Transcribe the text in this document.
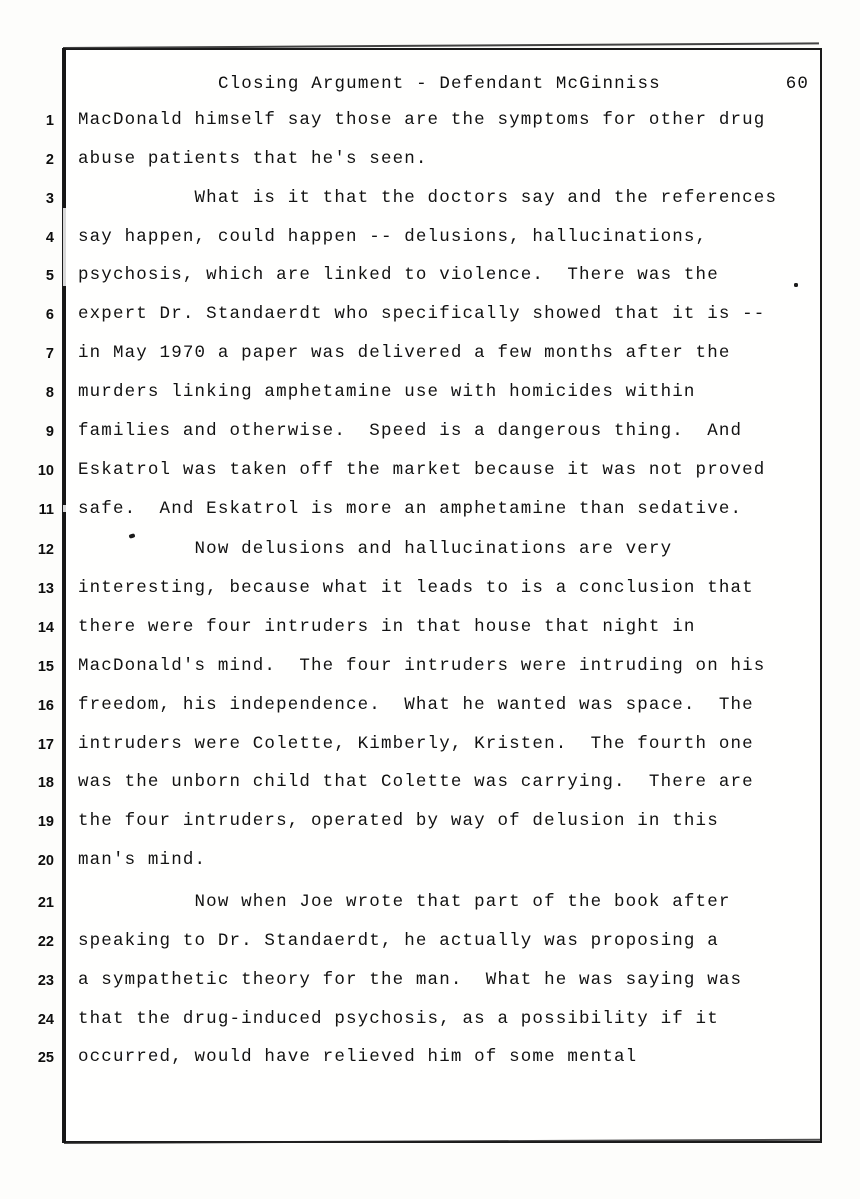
Closing Argument - Defendant McGinniss	60
1 MacDonald himself say those are the symptoms for other drug
2 abuse patients that he's seen.
3 What is it that the doctors say and the references
4 say happen, could happen -- delusions, hallucinations,
5 psychosis, which are linked to violence.  There was the
6 expert Dr. Standaerdt who specifically showed that it is --
7 in May 1970 a paper was delivered a few months after the
8 murders linking amphetamine use with homicides within
9 families and otherwise.  Speed is a dangerous thing.  And
10 Eskatrol was taken off the market because it was not proved
11 safe.  And Eskatrol is more an amphetamine than sedative.
12 Now delusions and hallucinations are very
13 interesting, because what it leads to is a conclusion that
14 there were four intruders in that house that night in
15 MacDonald's mind.  The four intruders were intruding on his
16 freedom, his independence.  What he wanted was space.  The
17 intruders were Colette, Kimberly, Kristen.  The fourth one
18 was the unborn child that Colette was carrying.  There are
19 the four intruders, operated by way of delusion in this
20 man's mind.
21 Now when Joe wrote that part of the book after
22 speaking to Dr. Standaerdt, he actually was proposing a
23 a sympathetic theory for the man.  What he was saying was
24 that the drug-induced psychosis, as a possibility if it
25 occurred, would have relieved him of some mental
